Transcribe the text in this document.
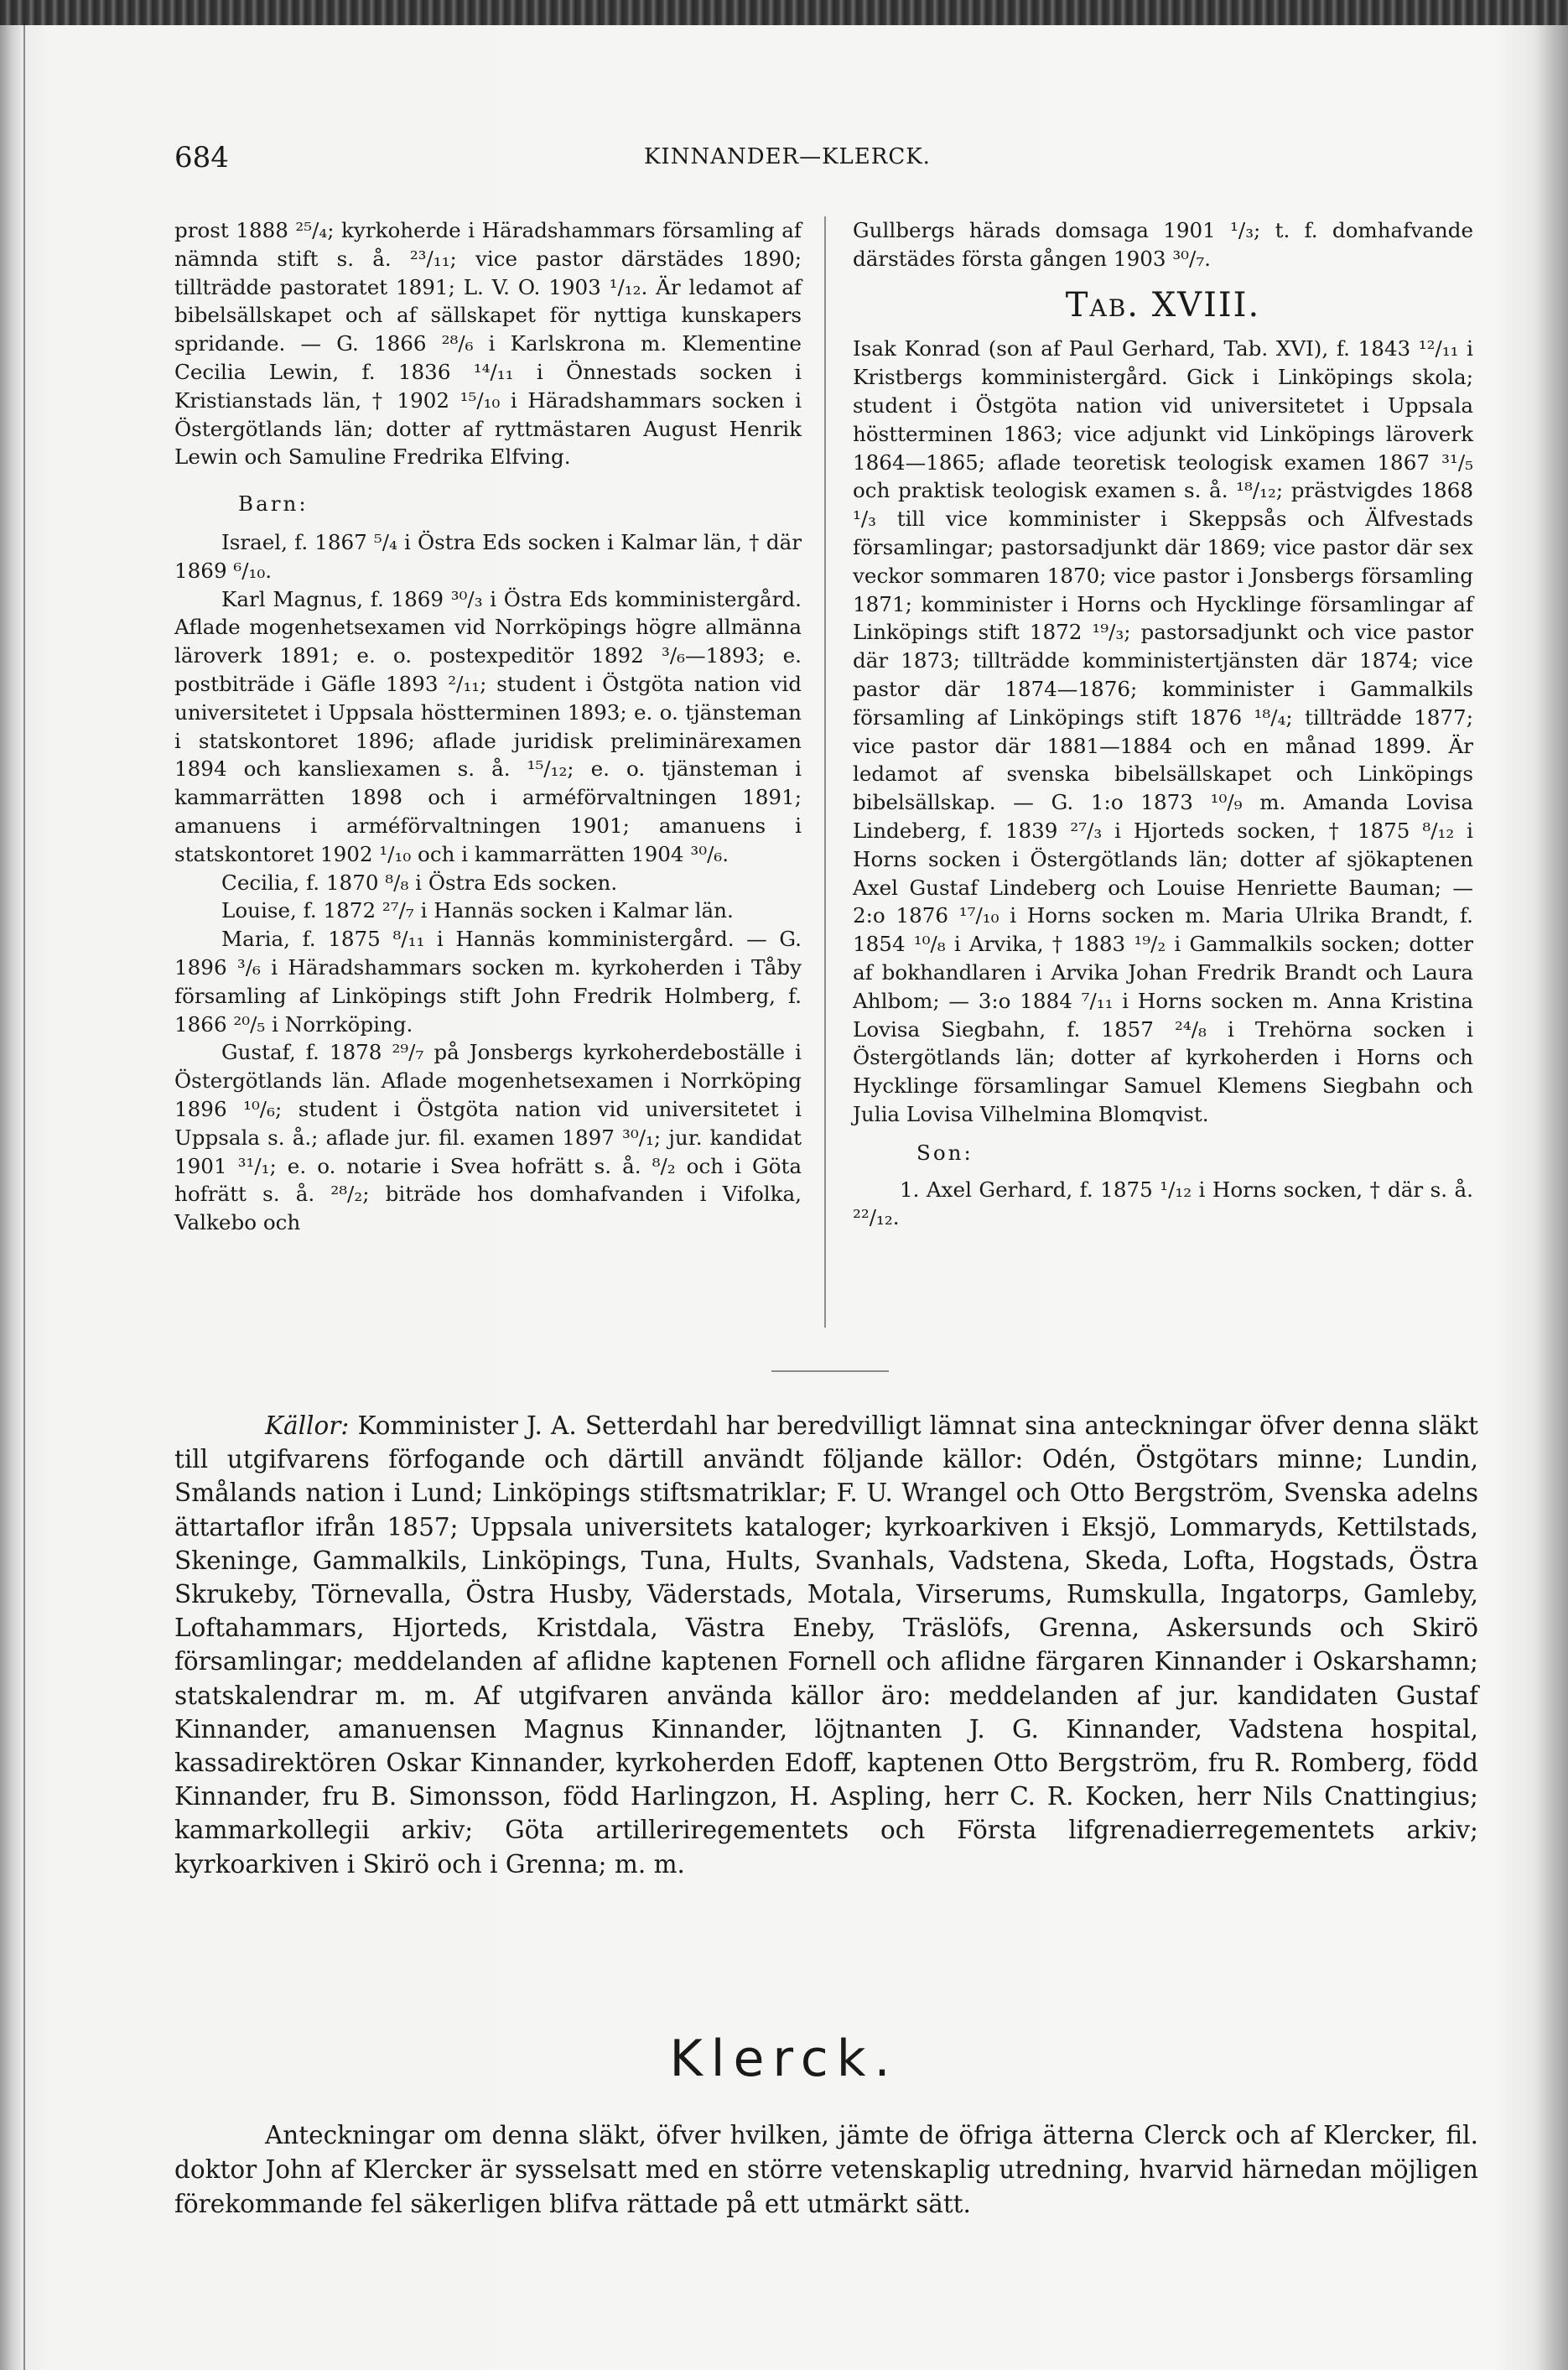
684	KINNANDER—KLERCK.

prost 1888 ²⁵/₄; kyrkoherde i Häradshammars församling af nämnda stift s. å. ²³/₁₁; vice pastor därstädes 1890; tillträdde pastoratet 1891; L. V. O. 1903 ¹/₁₂. Är ledamot af bibelsällskapet och af sällskapet för nyttiga kunskapers spridande. — G. 1866 ²⁸/₆ i Karlskrona m. Klementine Cecilia Lewin, f. 1836 ¹⁴/₁₁ i Önnestads socken i Kristianstads län, † 1902 ¹⁵/₁₀ i Häradshammars socken i Östergötlands län; dotter af ryttmästaren August Henrik Lewin och Samuline Fredrika Elfving.

Barn:

Israel, f. 1867 ⁵/₄ i Östra Eds socken i Kalmar län, † där 1869 ⁶/₁₀.

Karl Magnus, f. 1869 ³⁰/₃ i Östra Eds komministergård. Aflade mogenhetsexamen vid Norrköpings högre allmänna läroverk 1891; e. o. postexpeditör 1892 ³/₆—1893; e. postbiträde i Gäfle 1893 ²/₁₁; student i Östgöta nation vid universitetet i Uppsala höstterminen 1893; e. o. tjänsteman i statskontoret 1896; aflade juridisk preliminärexamen 1894 och kansliexamen s. å. ¹⁵/₁₂; e. o. tjänsteman i kammarrätten 1898 och i arméförvaltningen 1891; amanuens i arméförvaltningen 1901; amanuens i statskontoret 1902 ¹/₁₀ och i kammarrätten 1904 ³⁰/₆.

Cecilia, f. 1870 ⁸/₈ i Östra Eds socken.

Louise, f. 1872 ²⁷/₇ i Hannäs socken i Kalmar län.

Maria, f. 1875 ⁸/₁₁ i Hannäs komministergård. — G. 1896 ³/₆ i Häradshammars socken m. kyrkoherden i Tåby församling af Linköpings stift John Fredrik Holmberg, f. 1866 ²⁰/₅ i Norrköping.

Gustaf, f. 1878 ²⁹/₇ på Jonsbergs kyrkoherdeboställe i Östergötlands län. Aflade mogenhetsexamen i Norrköping 1896 ¹⁰/₆; student i Östgöta nation vid universitetet i Uppsala s. å.; aflade jur. fil. examen 1897 ³⁰/₁; jur. kandidat 1901 ³¹/₁; e. o. notarie i Svea hofrätt s. å. ⁸/₂ och i Göta hofrätt s. å. ²⁸/₂; biträde hos domhafvanden i Vifolka, Valkebo och

Gullbergs härads domsaga 1901 ¹/₃; t. f. domhafvande därstädes första gången 1903 ³⁰/₇.

Tab. XVIII.

Isak Konrad (son af Paul Gerhard, Tab. XVI), f. 1843 ¹²/₁₁ i Kristbergs komministergård. Gick i Linköpings skola; student i Östgöta nation vid universitetet i Uppsala höstterminen 1863; vice adjunkt vid Linköpings läroverk 1864—1865; aflade teoretisk teologisk examen 1867 ³¹/₅ och praktisk teologisk examen s. å. ¹⁸/₁₂; prästvigdes 1868 ¹/₃ till vice komminister i Skeppsås och Älfvestads församlingar; pastorsadjunkt där 1869; vice pastor där sex veckor sommaren 1870; vice pastor i Jonsbergs församling 1871; komminister i Horns och Hycklinge församlingar af Linköpings stift 1872 ¹⁹/₃; pastorsadjunkt och vice pastor där 1873; tillträdde komministertjänsten där 1874; vice pastor där 1874—1876; komminister i Gammalkils församling af Linköpings stift 1876 ¹⁸/₄; tillträdde 1877; vice pastor där 1881—1884 och en månad 1899. Är ledamot af svenska bibelsällskapet och Linköpings bibelsällskap. — G. 1:o 1873 ¹⁰/₉ m. Amanda Lovisa Lindeberg, f. 1839 ²⁷/₃ i Hjorteds socken, † 1875 ⁸/₁₂ i Horns socken i Östergötlands län; dotter af sjökaptenen Axel Gustaf Lindeberg och Louise Henriette Bauman; — 2:o 1876 ¹⁷/₁₀ i Horns socken m. Maria Ulrika Brandt, f. 1854 ¹⁰/₈ i Arvika, † 1883 ¹⁹/₂ i Gammalkils socken; dotter af bokhandlaren i Arvika Johan Fredrik Brandt och Laura Ahlbom; — 3:o 1884 ⁷/₁₁ i Horns socken m. Anna Kristina Lovisa Siegbahn, f. 1857 ²⁴/₈ i Trehörna socken i Östergötlands län; dotter af kyrkoherden i Horns och Hycklinge församlingar Samuel Klemens Siegbahn och Julia Lovisa Vilhelmina Blomqvist.

Son:

1. Axel Gerhard, f. 1875 ¹/₁₂ i Horns socken, † där s. å. ²²/₁₂.

Källor: Komminister J. A. Setterdahl har beredvilligt lämnat sina anteckningar öfver denna släkt till utgifvarens förfogande och därtill användt följande källor: Odén, Östgötars minne; Lundin, Smålands nation i Lund; Linköpings stiftsmatriklar; F. U. Wrangel och Otto Bergström, Svenska adelns ättartaflor ifrån 1857; Uppsala universitets kataloger; kyrkoarkiven i Eksjö, Lommaryds, Kettilstads, Skeninge, Gammalkils, Linköpings, Tuna, Hults, Svanhals, Vadstena, Skeda, Lofta, Hogstads, Östra Skrukeby, Törnevalla, Östra Husby, Väderstads, Motala, Virserums, Rumskulla, Ingatorps, Gamleby, Loftahammars, Hjorteds, Kristdala, Västra Eneby, Träslöfs, Grenna, Askersunds och Skirö församlingar; meddelanden af aflidne kaptenen Fornell och aflidne färgaren Kinnander i Oskarshamn; statskalendrar m. m. Af utgifvaren använda källor äro: meddelanden af jur. kandidaten Gustaf Kinnander, amanuensen Magnus Kinnander, löjtnanten J. G. Kinnander, Vadstena hospital, kassadirektören Oskar Kinnander, kyrkoherden Edoff, kaptenen Otto Bergström, fru R. Romberg, född Kinnander, fru B. Simonsson, född Harlingzon, H. Aspling, herr C. R. Kocken, herr Nils Cnattingius; kammarkollegii arkiv; Göta artilleriregementets och Första lifgrenadierregementets arkiv; kyrkoarkiven i Skirö och i Grenna; m. m.

Klerck.

Anteckningar om denna släkt, öfver hvilken, jämte de öfriga ätterna Clerck och af Klercker, fil. doktor John af Klercker är sysselsatt med en större vetenskaplig utredning, hvarvid härnedan möjligen förekommande fel säkerligen blifva rättade på ett utmärkt sätt.
